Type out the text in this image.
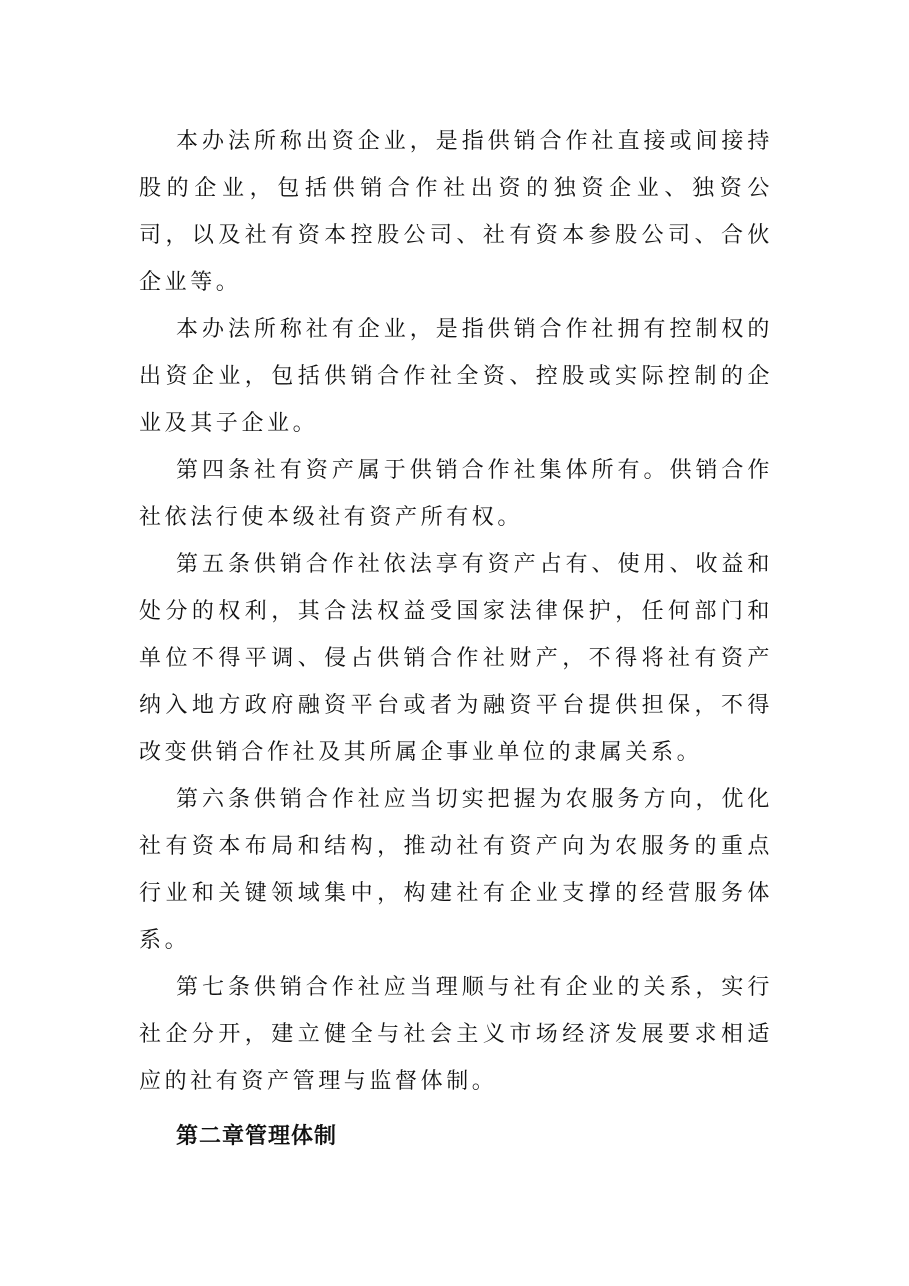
本办法所称出资企业，是指供销合作社直接或间接持股的企业，包括供销合作社出资的独资企业、独资公司，以及社有资本控股公司、社有资本参股公司、合伙企业等。

本办法所称社有企业，是指供销合作社拥有控制权的出资企业，包括供销合作社全资、控股或实际控制的企业及其子企业。

第四条社有资产属于供销合作社集体所有。供销合作社依法行使本级社有资产所有权。

第五条供销合作社依法享有资产占有、使用、收益和处分的权利，其合法权益受国家法律保护，任何部门和单位不得平调、侵占供销合作社财产，不得将社有资产纳入地方政府融资平台或者为融资平台提供担保，不得改变供销合作社及其所属企事业单位的隶属关系。

第六条供销合作社应当切实把握为农服务方向，优化社有资本布局和结构，推动社有资产向为农服务的重点行业和关键领域集中，构建社有企业支撑的经营服务体系。

第七条供销合作社应当理顺与社有企业的关系，实行社企分开，建立健全与社会主义市场经济发展要求相适应的社有资产管理与监督体制。

第二章管理体制
